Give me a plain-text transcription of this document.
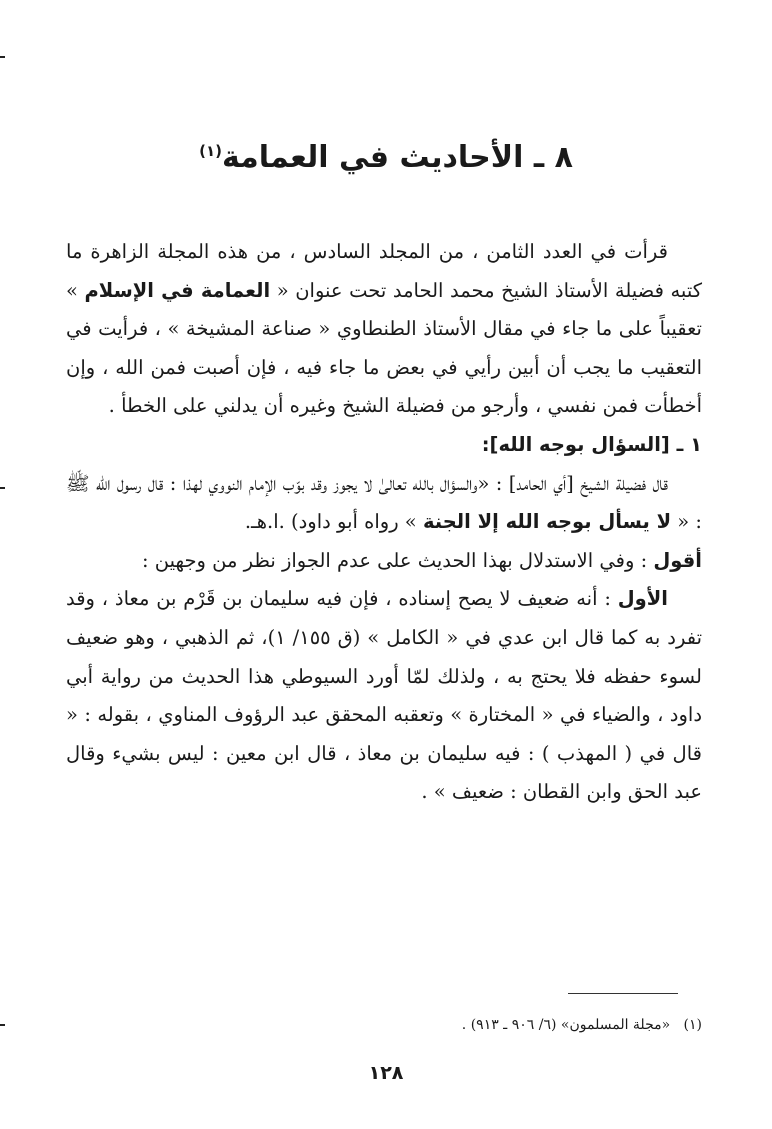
٨ ـ الأحاديث في العمامة$^{(١)}$

قرأت في العدد الثامن ، من المجلد السادس ، من هذه المجلة الزاهرة ما كتبه فضيلة الأستاذ الشيخ محمد الحامد تحت عنوان « العمامة في الإسلام » تعقيباً على ما جاء في مقال الأستاذ الطنطاوي « صناعة المشيخة » ، فرأيت في التعقيب ما يجب أن أبين رأيي في بعض ما جاء فيه ، فإن أصبت فمن الله ، وإن أخطأت فمن نفسي ، وأرجو من فضيلة الشيخ وغيره أن يدلني على الخطأ .

١ ـ [السؤال بوجه الله]:

قال فضيلة الشيخ [أي الحامد] : «والسؤال بالله تعالىٰ لا يجوز وقد بوّب الإمام النووي لهذا : قال رسول الله ﷺ : « لا يسأل بوجه الله إلا الجنة » رواه أبو داود) .ا.هـ.

أقول : وفي الاستدلال بهذا الحديث على عدم الجواز نظر من وجهين :

الأول : أنه ضعيف لا يصح إسناده ، فإن فيه سليمان بن قَرْم بن معاذ ، وقد تفرد به كما قال ابن عدي في « الكامل » (ق ١٥٥/ ١)، ثم الذهبي ، وهو ضعيف لسوء حفظه فلا يحتج به ، ولذلك لمّا أورد السيوطي هذا الحديث من رواية أبي داود ، والضياء في « المختارة » وتعقبه المحقق عبد الرؤوف المناوي ، بقوله : « قال في ( المهذب ) : فيه سليمان بن معاذ ، قال ابن معين : ليس بشيء وقال عبد الحق وابن القطان : ضعيف » .

(١)   «مجلة المسلمون» (٦/ ٩٠٦ ـ ٩١٣) .
١٢٨
